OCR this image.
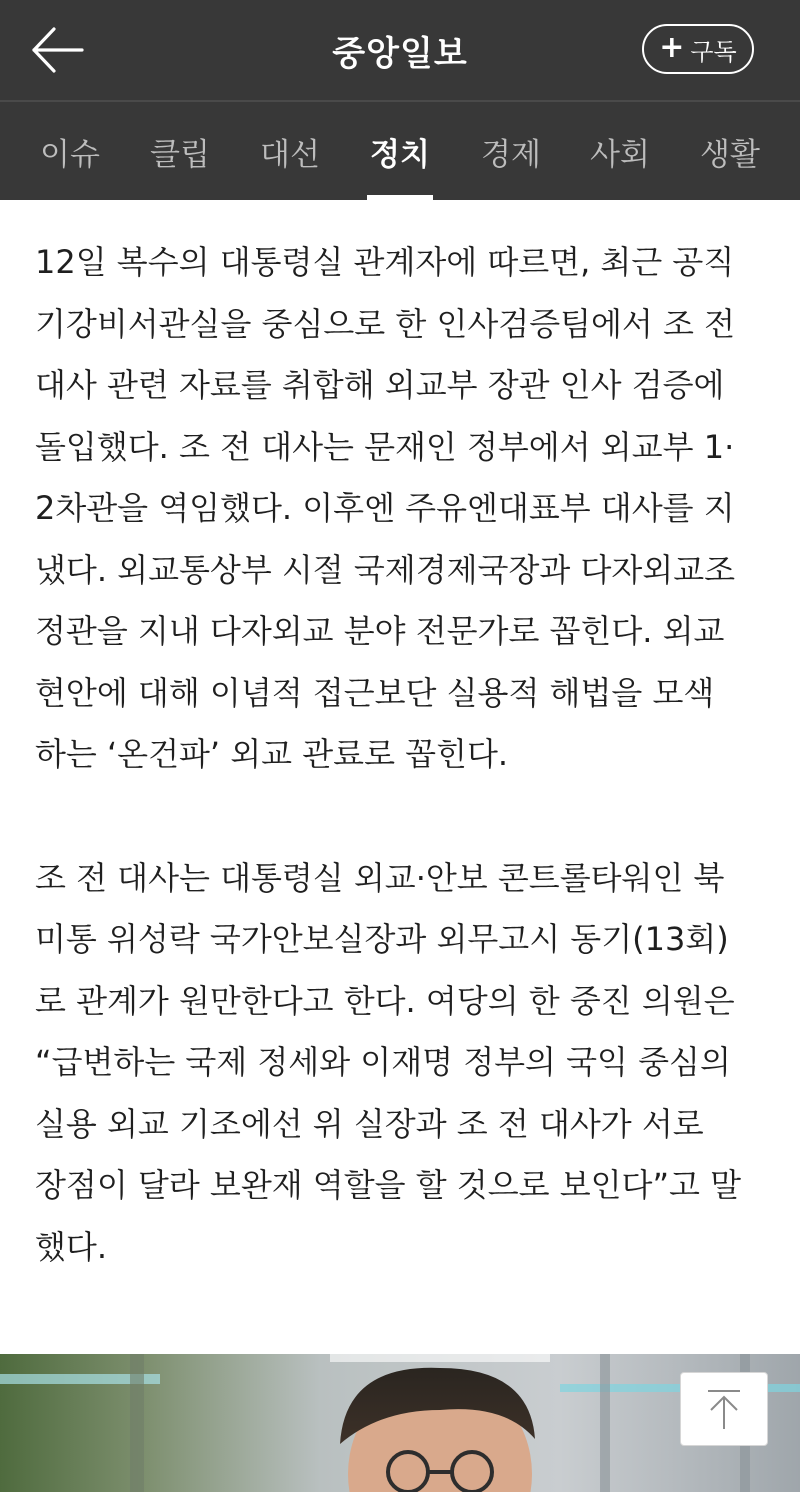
중앙일보	+ 구독
이슈 클립 대선 정치 경제 사회 생활

12일 복수의 대통령실 관계자에 따르면, 최근 공직
기강비서관실을 중심으로 한 인사검증팀에서 조 전
대사 관련 자료를 취합해 외교부 장관 인사 검증에
돌입했다. 조 전 대사는 문재인 정부에서 외교부 1·
2차관을 역임했다. 이후엔 주유엔대표부 대사를 지
냈다. 외교통상부 시절 국제경제국장과 다자외교조
정관을 지내 다자외교 분야 전문가로 꼽힌다. 외교
현안에 대해 이념적 접근보단 실용적 해법을 모색
하는 ‘온건파’ 외교 관료로 꼽힌다.

조 전 대사는 대통령실 외교·안보 콘트롤타워인 북
미통 위성락 국가안보실장과 외무고시 동기(13회)
로 관계가 원만한다고 한다. 여당의 한 중진 의원은
“급변하는 국제 정세와 이재명 정부의 국익 중심의
실용 외교 기조에선 위 실장과 조 전 대사가 서로
장점이 달라 보완재 역할을 할 것으로 보인다”고 말
했다.
